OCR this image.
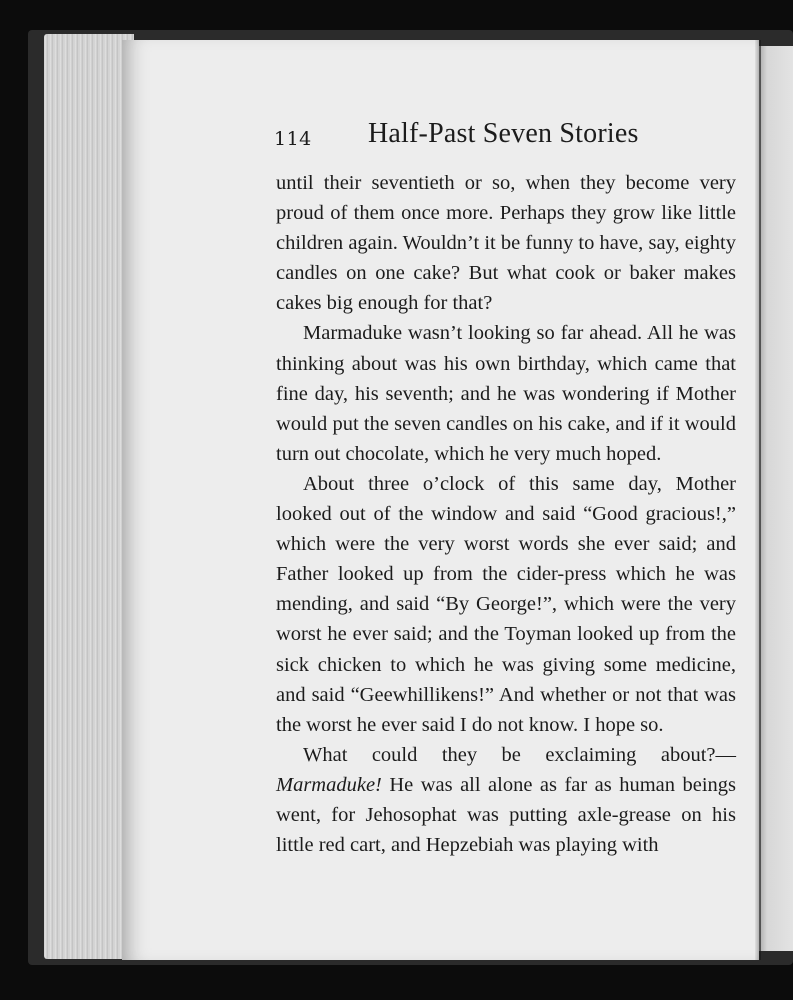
114 Half-Past Seven Stories

until their seventieth or so, when they become very proud of them once more. Perhaps they grow like little children again. Wouldn’t it be funny to have, say, eighty candles on one cake? But what cook or baker makes cakes big enough for that?

Marmaduke wasn’t looking so far ahead. All he was thinking about was his own birthday, which came that fine day, his seventh; and he was wondering if Mother would put the seven candles on his cake, and if it would turn out chocolate, which he very much hoped.

About three o’clock of this same day, Mother looked out of the window and said “Good gracious!,” which were the very worst words she ever said; and Father looked up from the cider-press which he was mending, and said “By George!”, which were the very worst he ever said; and the Toyman looked up from the sick chicken to which he was giving some medicine, and said “Geewhillikens!” And whether or not that was the worst he ever said I do not know. I hope so.

What could they be exclaiming about?—Marmaduke! He was all alone as far as human beings went, for Jehosophat was putting axle-grease on his little red cart, and Hepzebiah was playing with
